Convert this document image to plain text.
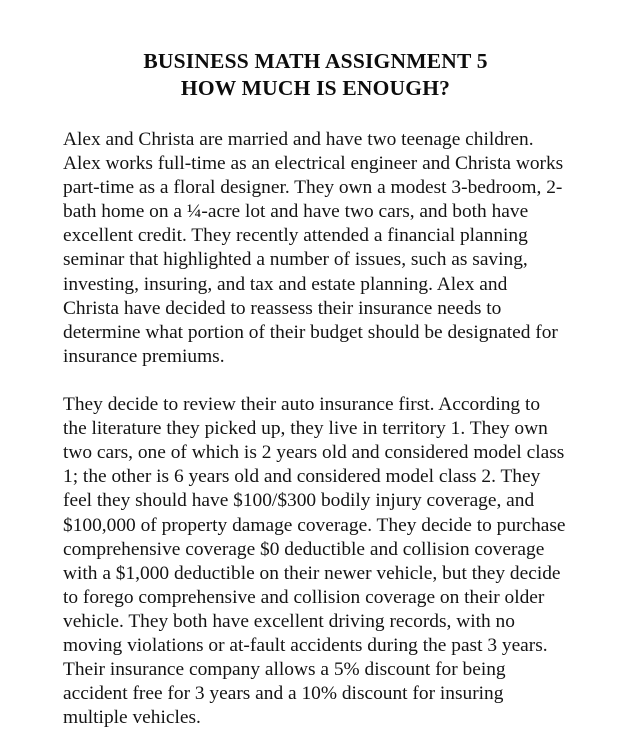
BUSINESS MATH ASSIGNMENT 5
HOW MUCH IS ENOUGH?

Alex and Christa are married and have two teenage children.
Alex works full-time as an electrical engineer and Christa works
part-time as a floral designer. They own a modest 3-bedroom, 2-
bath home on a ¼-acre lot and have two cars, and both have
excellent credit. They recently attended a financial planning
seminar that highlighted a number of issues, such as saving,
investing, insuring, and tax and estate planning. Alex and
Christa have decided to reassess their insurance needs to
determine what portion of their budget should be designated for
insurance premiums.

They decide to review their auto insurance first. According to
the literature they picked up, they live in territory 1. They own
two cars, one of which is 2 years old and considered model class
1; the other is 6 years old and considered model class 2. They
feel they should have $100/$300 bodily injury coverage, and
$100,000 of property damage coverage. They decide to purchase
comprehensive coverage $0 deductible and collision coverage
with a $1,000 deductible on their newer vehicle, but they decide
to forego comprehensive and collision coverage on their older
vehicle. They both have excellent driving records, with no
moving violations or at-fault accidents during the past 3 years.
Their insurance company allows a 5% discount for being
accident free for 3 years and a 10% discount for insuring
multiple vehicles.
